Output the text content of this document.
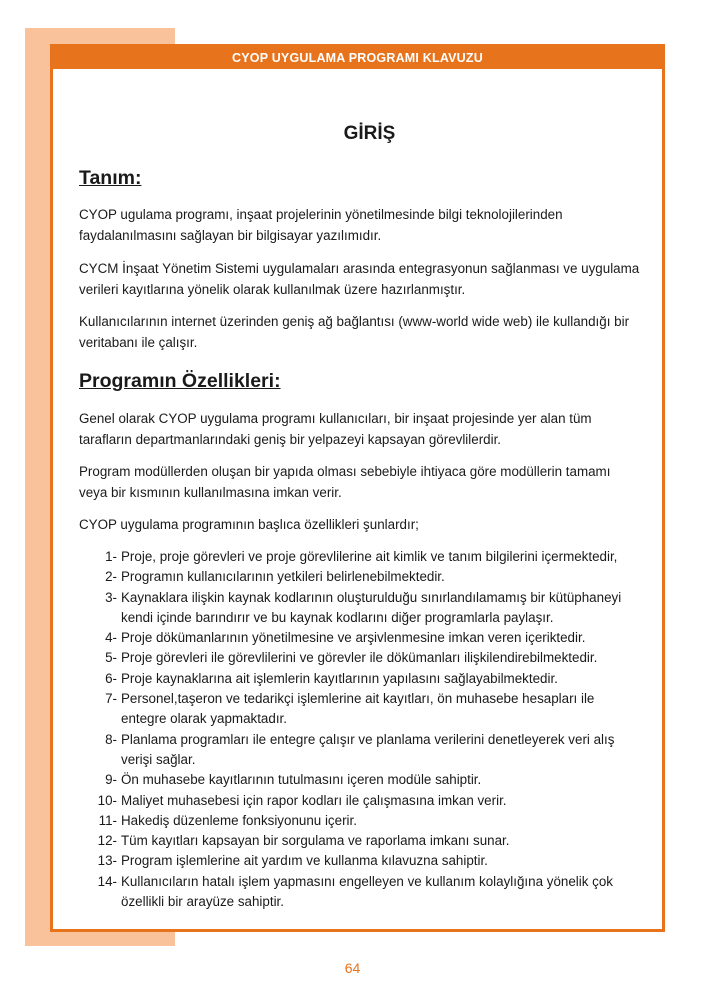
CYOP UYGULAMA PROGRAMI KLAVUZU
GİRİŞ
Tanım:

CYOP ugulama programı, inşaat projelerinin yönetilmesinde bilgi teknolojilerinden faydalanılmasını sağlayan bir bilgisayar yazılımıdır.

CYCM İnşaat Yönetim Sistemi uygulamaları arasında entegrasyonun sağlanması ve uygulama verileri kayıtlarına yönelik olarak kullanılmak üzere hazırlanmıştır.

Kullanıcılarının internet üzerinden geniş ağ bağlantısı (www-world wide web) ile kullandığı bir veritabanı ile çalışır.

Programın Özellikleri:

Genel olarak CYOP uygulama programı kullanıcıları, bir inşaat projesinde yer alan tüm tarafların departmanlarındaki geniş bir yelpazeyi kapsayan görevlilerdir.

Program modüllerden oluşan bir yapıda olması sebebiyle ihtiyaca göre modüllerin tamamı veya bir kısmının kullanılmasına imkan verir.

CYOP uygulama programının başlıca özellikleri şunlardır;

1- Proje, proje görevleri ve proje görevlilerine ait kimlik ve tanım bilgilerini içermektedir,
2- Programın kullanıcılarının yetkileri belirlenebilmektedir.
3- Kaynaklara ilişkin kaynak kodlarının oluşturulduğu sınırlandılamamış bir kütüphaneyi kendi içinde barındırır ve bu kaynak kodlarını diğer programlarla paylaşır.
4- Proje dökümanlarının yönetilmesine ve arşivlenmesine imkan veren içeriktedir.
5- Proje görevleri ile görevlilerini ve görevler ile dökümanları ilişkilendirebilmektedir.
6- Proje kaynaklarına ait işlemlerin kayıtlarının yapılasını sağlayabilmektedir.
7- Personel,taşeron ve tedarikçi işlemlerine ait kayıtları, ön muhasebe hesapları ile entegre olarak yapmaktadır.
8- Planlama programları ile entegre çalışır ve planlama verilerini denetleyerek veri alış verişi sağlar.
9- Ön muhasebe kayıtlarının tutulmasını içeren modüle sahiptir.
10- Maliyet muhasebesi için rapor kodları ile çalışmasına imkan verir.
11- Hakediş düzenleme fonksiyonunu içerir.
12- Tüm kayıtları kapsayan bir sorgulama ve raporlama imkanı sunar.
13- Program işlemlerine ait yardım ve kullanma kılavuzna sahiptir.
14- Kullanıcıların hatalı işlem yapmasını engelleyen ve kullanım kolaylığına yönelik çok özellikli bir arayüze sahiptir.
64
